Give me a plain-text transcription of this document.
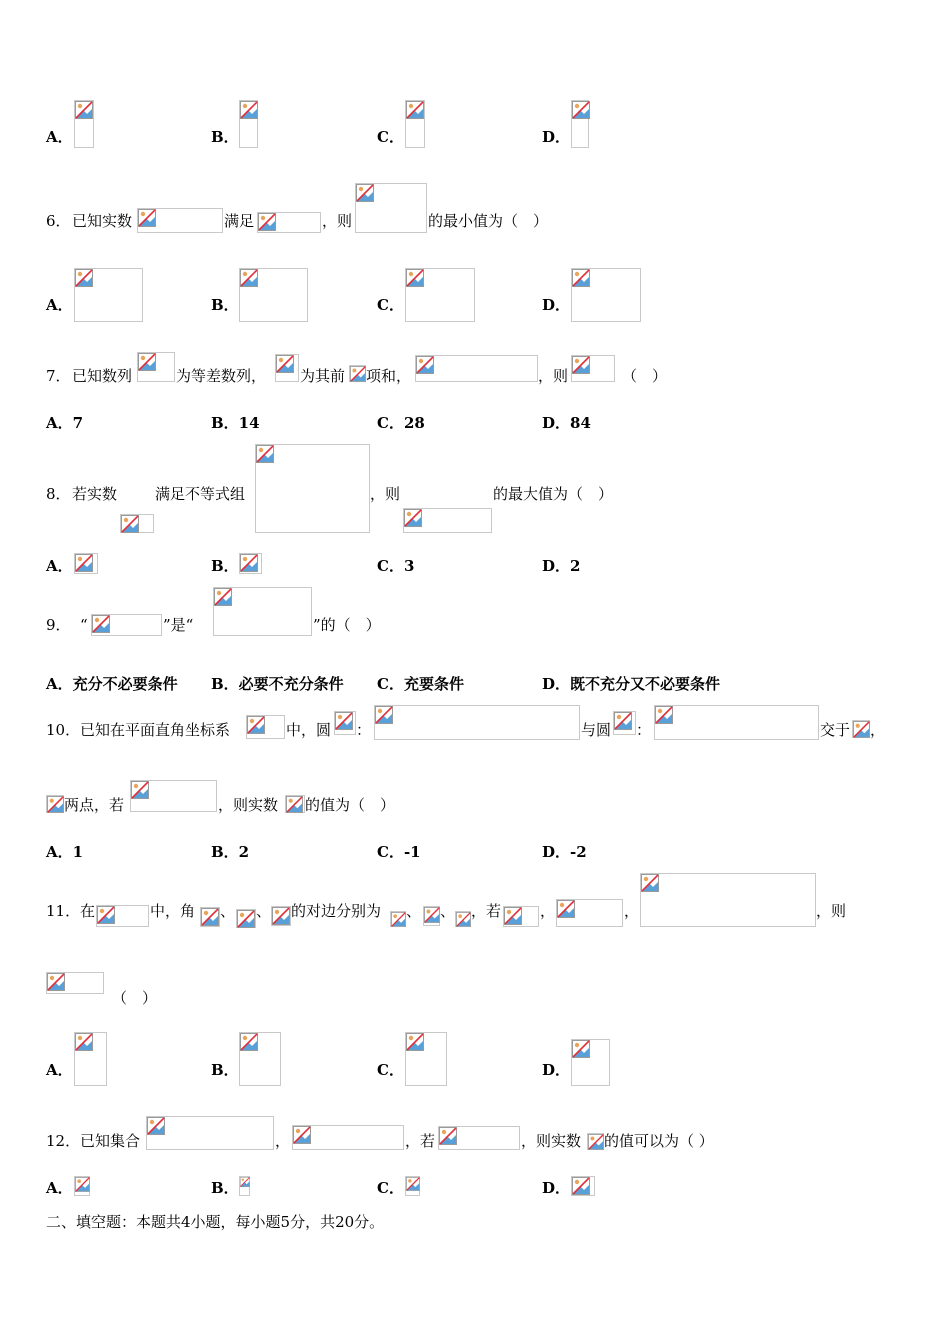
A．	B．	C．	D．
6． 已知实数	满足	，则	的最小值为（　）
A．	B．	C．	D．
7． 已知数列	为等差数列， 为其前 项和，	，则	（　）
A．7	B．14	C．28	D．84
8． 若实数	满足不等式组	，则	的最大值为（　）
A．	B．	C．3	D．2
9． “	”是“	”的（　）
A．充分不必要条件 B．必要不充分条件 C．充要条件	D．既不充分又不必要条件
10． 已知在平面直角坐标系	中，圆 ：	与圆 ：	交于 ，
两点，若	，则实数 的值为（　）
A．1	B．2	C．-1	D．-2
11． 在	中，角 、 、 的对边分别为 、 、 ，若	，	，	，则
（　）
A．	B．	C．	D．
12． 已知集合	，	，若	，则实数 的值可以为（ ）
A．	B．	C．	D．
二、填空题：本题共4小题，每小题5分，共20分。
